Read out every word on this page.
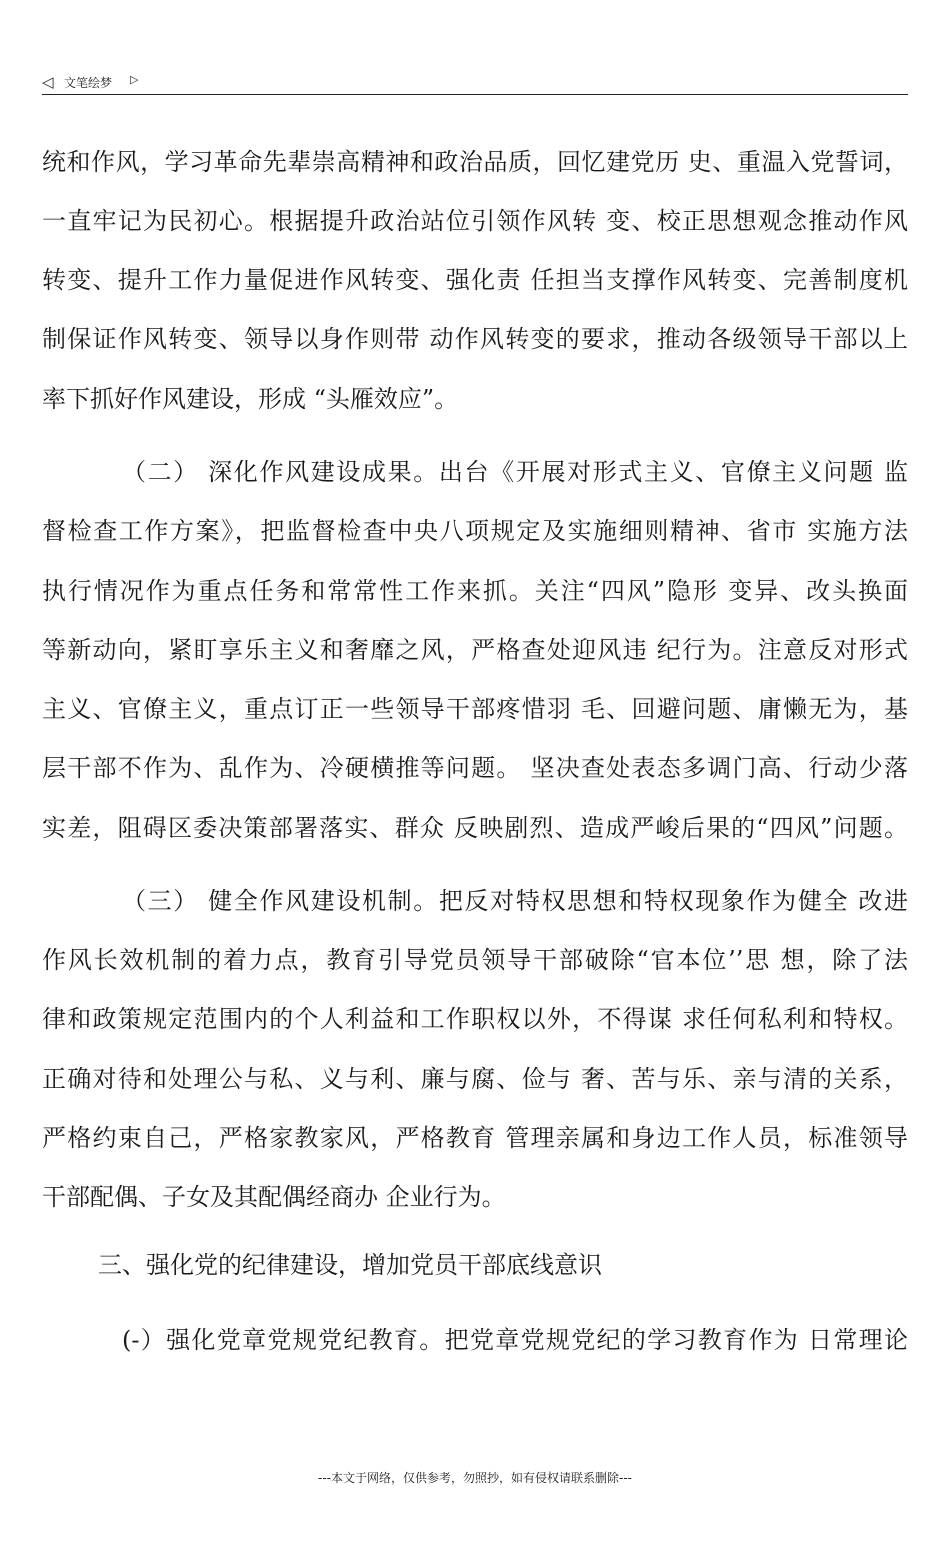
◁ 文笔绘梦 ▷
统和作风，学习革命先辈崇高精神和政治品质，回忆建党历 史、重温入党誓词，
一直牢记为民初心。根据提升政治站位引领作风转 变、校正思想观念推动作风
转变、提升工作力量促进作风转变、强化责 任担当支撑作风转变、完善制度机
制保证作风转变、领导以身作则带 动作风转变的要求，推动各级领导干部以上
率下抓好作风建设，形成 “头雁效应”。
（二） 深化作风建设成果。出台《开展对形式主义、官僚主义问题 监
督检查工作方案》，把监督检查中央八项规定及实施细则精神、省市 实施方法
执行情况作为重点任务和常常性工作来抓。关注“四风”隐形 变异、改头换面
等新动向，紧盯享乐主义和奢靡之风，严格查处迎风违 纪行为。注意反对形式
主义、官僚主义，重点订正一些领导干部疼惜羽 毛、回避问题、庸懒无为，基
层干部不作为、乱作为、冷硬横推等问题。 坚决查处表态多调门高、行动少落
实差，阻碍区委决策部署落实、群众 反映剧烈、造成严峻后果的“四风”问题。
（三） 健全作风建设机制。把反对特权思想和特权现象作为健全 改进
作风长效机制的着力点，教育引导党员领导干部破除“官本位’’思 想，除了法
律和政策规定范围内的个人利益和工作职权以外，不得谋 求任何私利和特权。
正确对待和处理公与私、义与利、廉与腐、俭与 奢、苦与乐、亲与清的关系，
严格约束自己，严格家教家风，严格教育 管理亲属和身边工作人员，标准领导
干部配偶、子女及其配偶经商办 企业行为。
三、强化党的纪律建设，增加党员干部底线意识
(-）强化党章党规党纪教育。把党章党规党纪的学习教育作为 日常理论
---本文于网络，仅供参考，勿照抄，如有侵权请联系删除---
